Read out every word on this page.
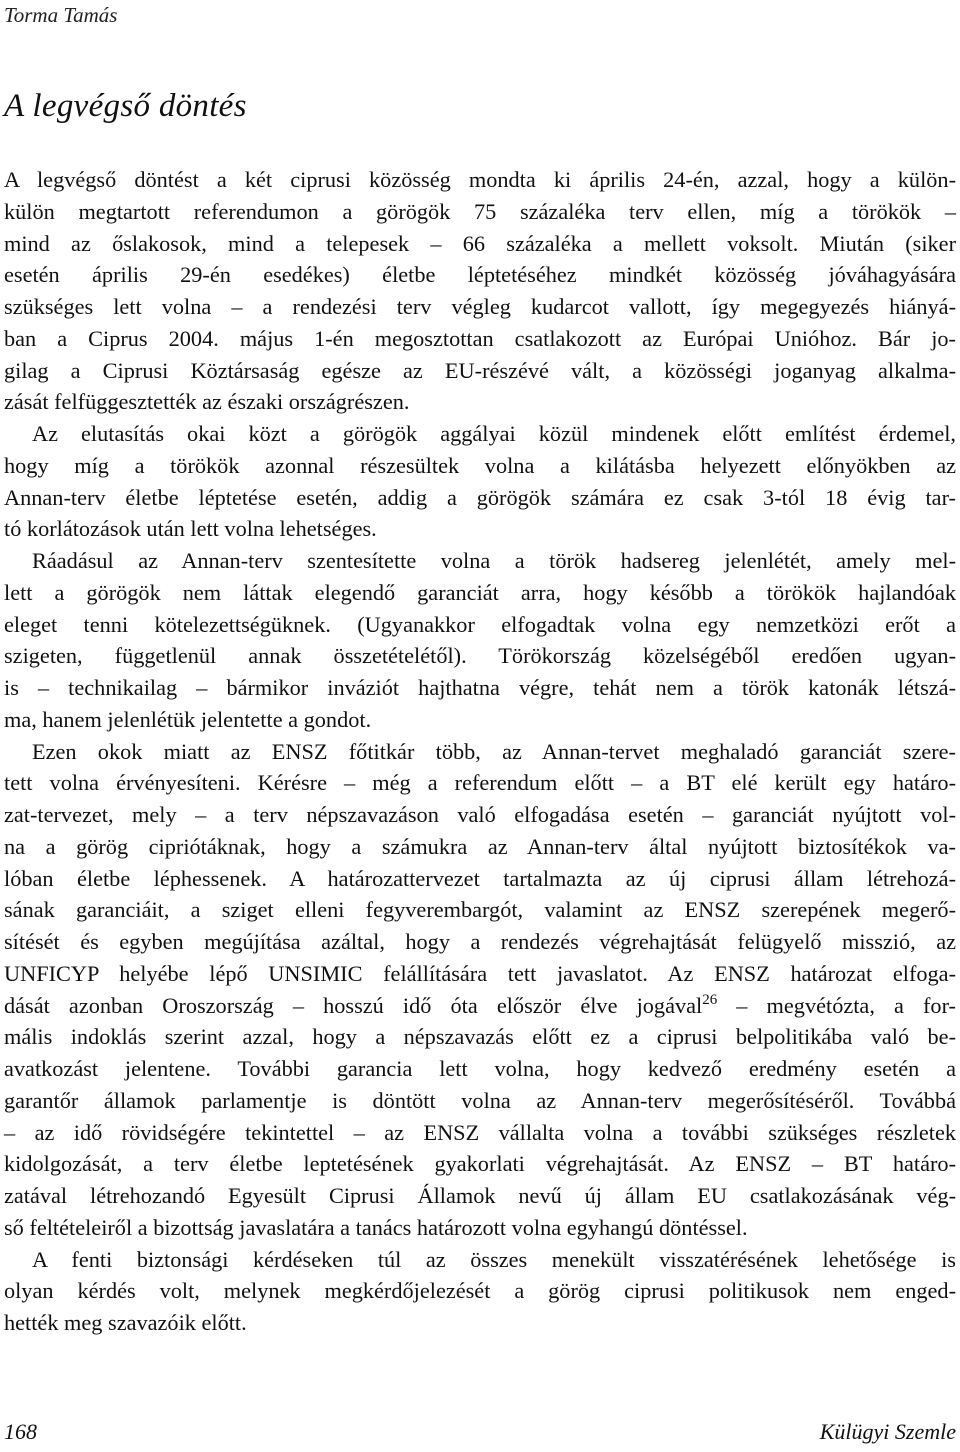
Torma Tamás
A legvégső döntés

A legvégső döntést a két ciprusi közösség mondta ki április 24-én, azzal, hogy a külön-
külön megtartott referendumon a görögök 75 százaléka terv ellen, míg a törökök –
mind az őslakosok, mind a telepesek – 66 százaléka a mellett voksolt. Miután (siker
esetén április 29-én esedékes) életbe léptetéséhez mindkét közösség jóváhagyására
szükséges lett volna – a rendezési terv végleg kudarcot vallott, így megegyezés hiányá-
ban a Ciprus 2004. május 1-én megosztottan csatlakozott az Európai Unióhoz. Bár jo-
gilag a Ciprusi Köztársaság egésze az EU-részévé vált, a közösségi joganyag alkalma-
zását felfüggesztették az északi országrészen.

Az elutasítás okai közt a görögök aggályai közül mindenek előtt említést érdemel,
hogy míg a törökök azonnal részesültek volna a kilátásba helyezett előnyökben az
Annan-terv életbe léptetése esetén, addig a görögök számára ez csak 3-tól 18 évig tar-
tó korlátozások után lett volna lehetséges.

Ráadásul az Annan-terv szentesítette volna a török hadsereg jelenlétét, amely mel-
lett a görögök nem láttak elegendő garanciát arra, hogy később a törökök hajlandóak
eleget tenni kötelezettségüknek. (Ugyanakkor elfogadtak volna egy nemzetközi erőt a
szigeten, függetlenül annak összetételétől). Törökország közelségéből eredően ugyan-
is – technikailag – bármikor inváziót hajthatna végre, tehát nem a török katonák létszá-
ma, hanem jelenlétük jelentette a gondot.

Ezen okok miatt az ENSZ főtitkár több, az Annan-tervet meghaladó garanciát szere-
tett volna érvényesíteni. Kérésre – még a referendum előtt – a BT elé került egy határo-
zat-tervezet, mely – a terv népszavazáson való elfogadása esetén – garanciát nyújtott vol-
na a görög cipriótáknak, hogy a számukra az Annan-terv által nyújtott biztosítékok va-
lóban életbe léphessenek. A határozattervezet tartalmazta az új ciprusi állam létrehozá-
sának garanciáit, a sziget elleni fegyverembargót, valamint az ENSZ szerepének megerő-
sítését és egyben megújítása azáltal, hogy a rendezés végrehajtását felügyelő misszió, az
UNFICYP helyébe lépő UNSIMIC felállítására tett javaslatot. Az ENSZ határozat elfoga-
dását azonban Oroszország – hosszú idő óta először élve jogával$^{26}$ – megvétózta, a for-
mális indoklás szerint azzal, hogy a népszavazás előtt ez a ciprusi belpolitikába való be-
avatkozást jelentene. További garancia lett volna, hogy kedvező eredmény esetén a
garantőr államok parlamentje is döntött volna az Annan-terv megerősítéséről. Továbbá
– az idő rövidségére tekintettel – az ENSZ vállalta volna a további szükséges részletek
kidolgozását, a terv életbe leptetésének gyakorlati végrehajtását. Az ENSZ – BT határo-
zatával létrehozandó Egyesült Ciprusi Államok nevű új állam EU csatlakozásának vég-
ső feltételeiről a bizottság javaslatára a tanács határozott volna egyhangú döntéssel.

A fenti biztonsági kérdéseken túl az összes menekült visszatérésének lehetősége is
olyan kérdés volt, melynek megkérdőjelezését a görög ciprusi politikusok nem enged-
hették meg szavazóik előtt.

168	Külügyi Szemle
